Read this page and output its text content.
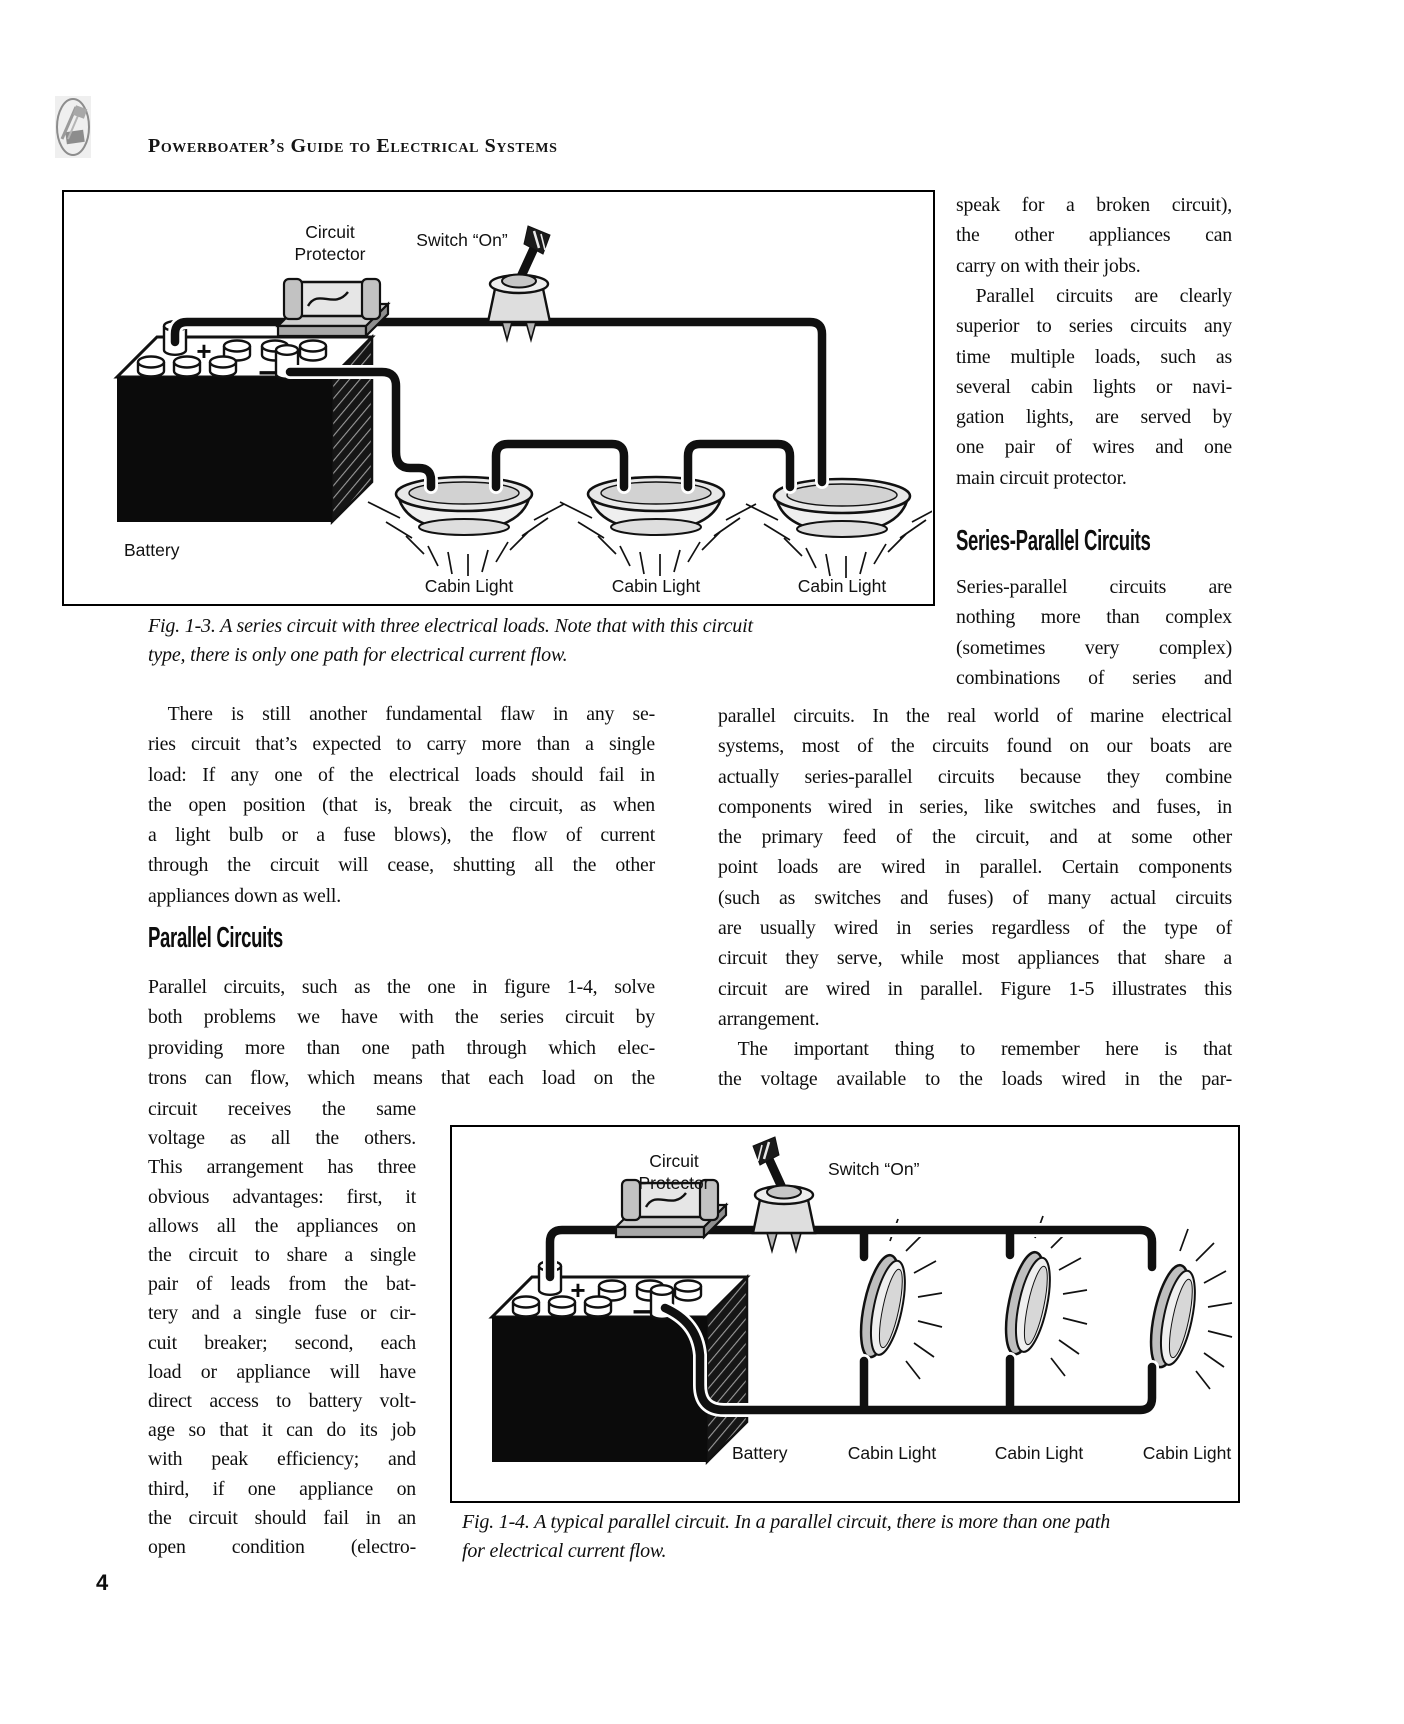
Powerboater’s Guide to Electrical Systems
+
–
Circuit
Protector
Switch “On”
Battery
Cabin Light	Cabin Light	Cabin Light
Fig. 1-3. A series circuit with three electrical loads. Note that with this circuit
type, there is only one path for electrical current flow.
speak for a broken circuit),
the other appliances can
carry on with their jobs.
 Parallel circuits are clearly
superior to series circuits any
time multiple loads, such as
several cabin lights or navi-
gation lights, are served by
one pair of wires and one
main circuit protector.
Series-Parallel Circuits
Series-parallel circuits are
nothing more than complex
(sometimes very complex)
combinations of series and
parallel circuits. In the real world of marine electrical
systems, most of the circuits found on our boats are
actually series-parallel circuits because they combine
components wired in series, like switches and fuses, in
the primary feed of the circuit, and at some other
point loads are wired in parallel. Certain components
(such as switches and fuses) of many actual circuits
are usually wired in series regardless of the type of
circuit they serve, while most appliances that share a
circuit are wired in parallel. Figure 1-5 illustrates this
arrangement.
 The important thing to remember here is that
the voltage available to the loads wired in the par-
 There is still another fundamental flaw in any se-
ries circuit that’s expected to carry more than a single
load: If any one of the electrical loads should fail in
the open position (that is, break the circuit, as when
a light bulb or a fuse blows), the flow of current
through the circuit will cease, shutting all the other
appliances down as well.
Parallel Circuits
Parallel circuits, such as the one in figure 1-4, solve
both problems we have with the series circuit by
providing more than one path through which elec-
trons can flow, which means that each load on the
circuit receives the same
voltage as all the others.
This arrangement has three
obvious advantages: first, it
allows all the appliances on
the circuit to share a single
pair of leads from the bat-
tery and a single fuse or cir-
cuit breaker; second, each
load or appliance will have
direct access to battery volt-
age so that it can do its job
with peak efficiency; and
third, if one appliance on
the circuit should fail in an
open condition (electro-
+
–
Circuit
Protector
Switch “On”
Battery	Cabin Light	Cabin Light	Cabin Light
Fig. 1-4. A typical parallel circuit. In a parallel circuit, there is more than one path
for electrical current flow.
4
